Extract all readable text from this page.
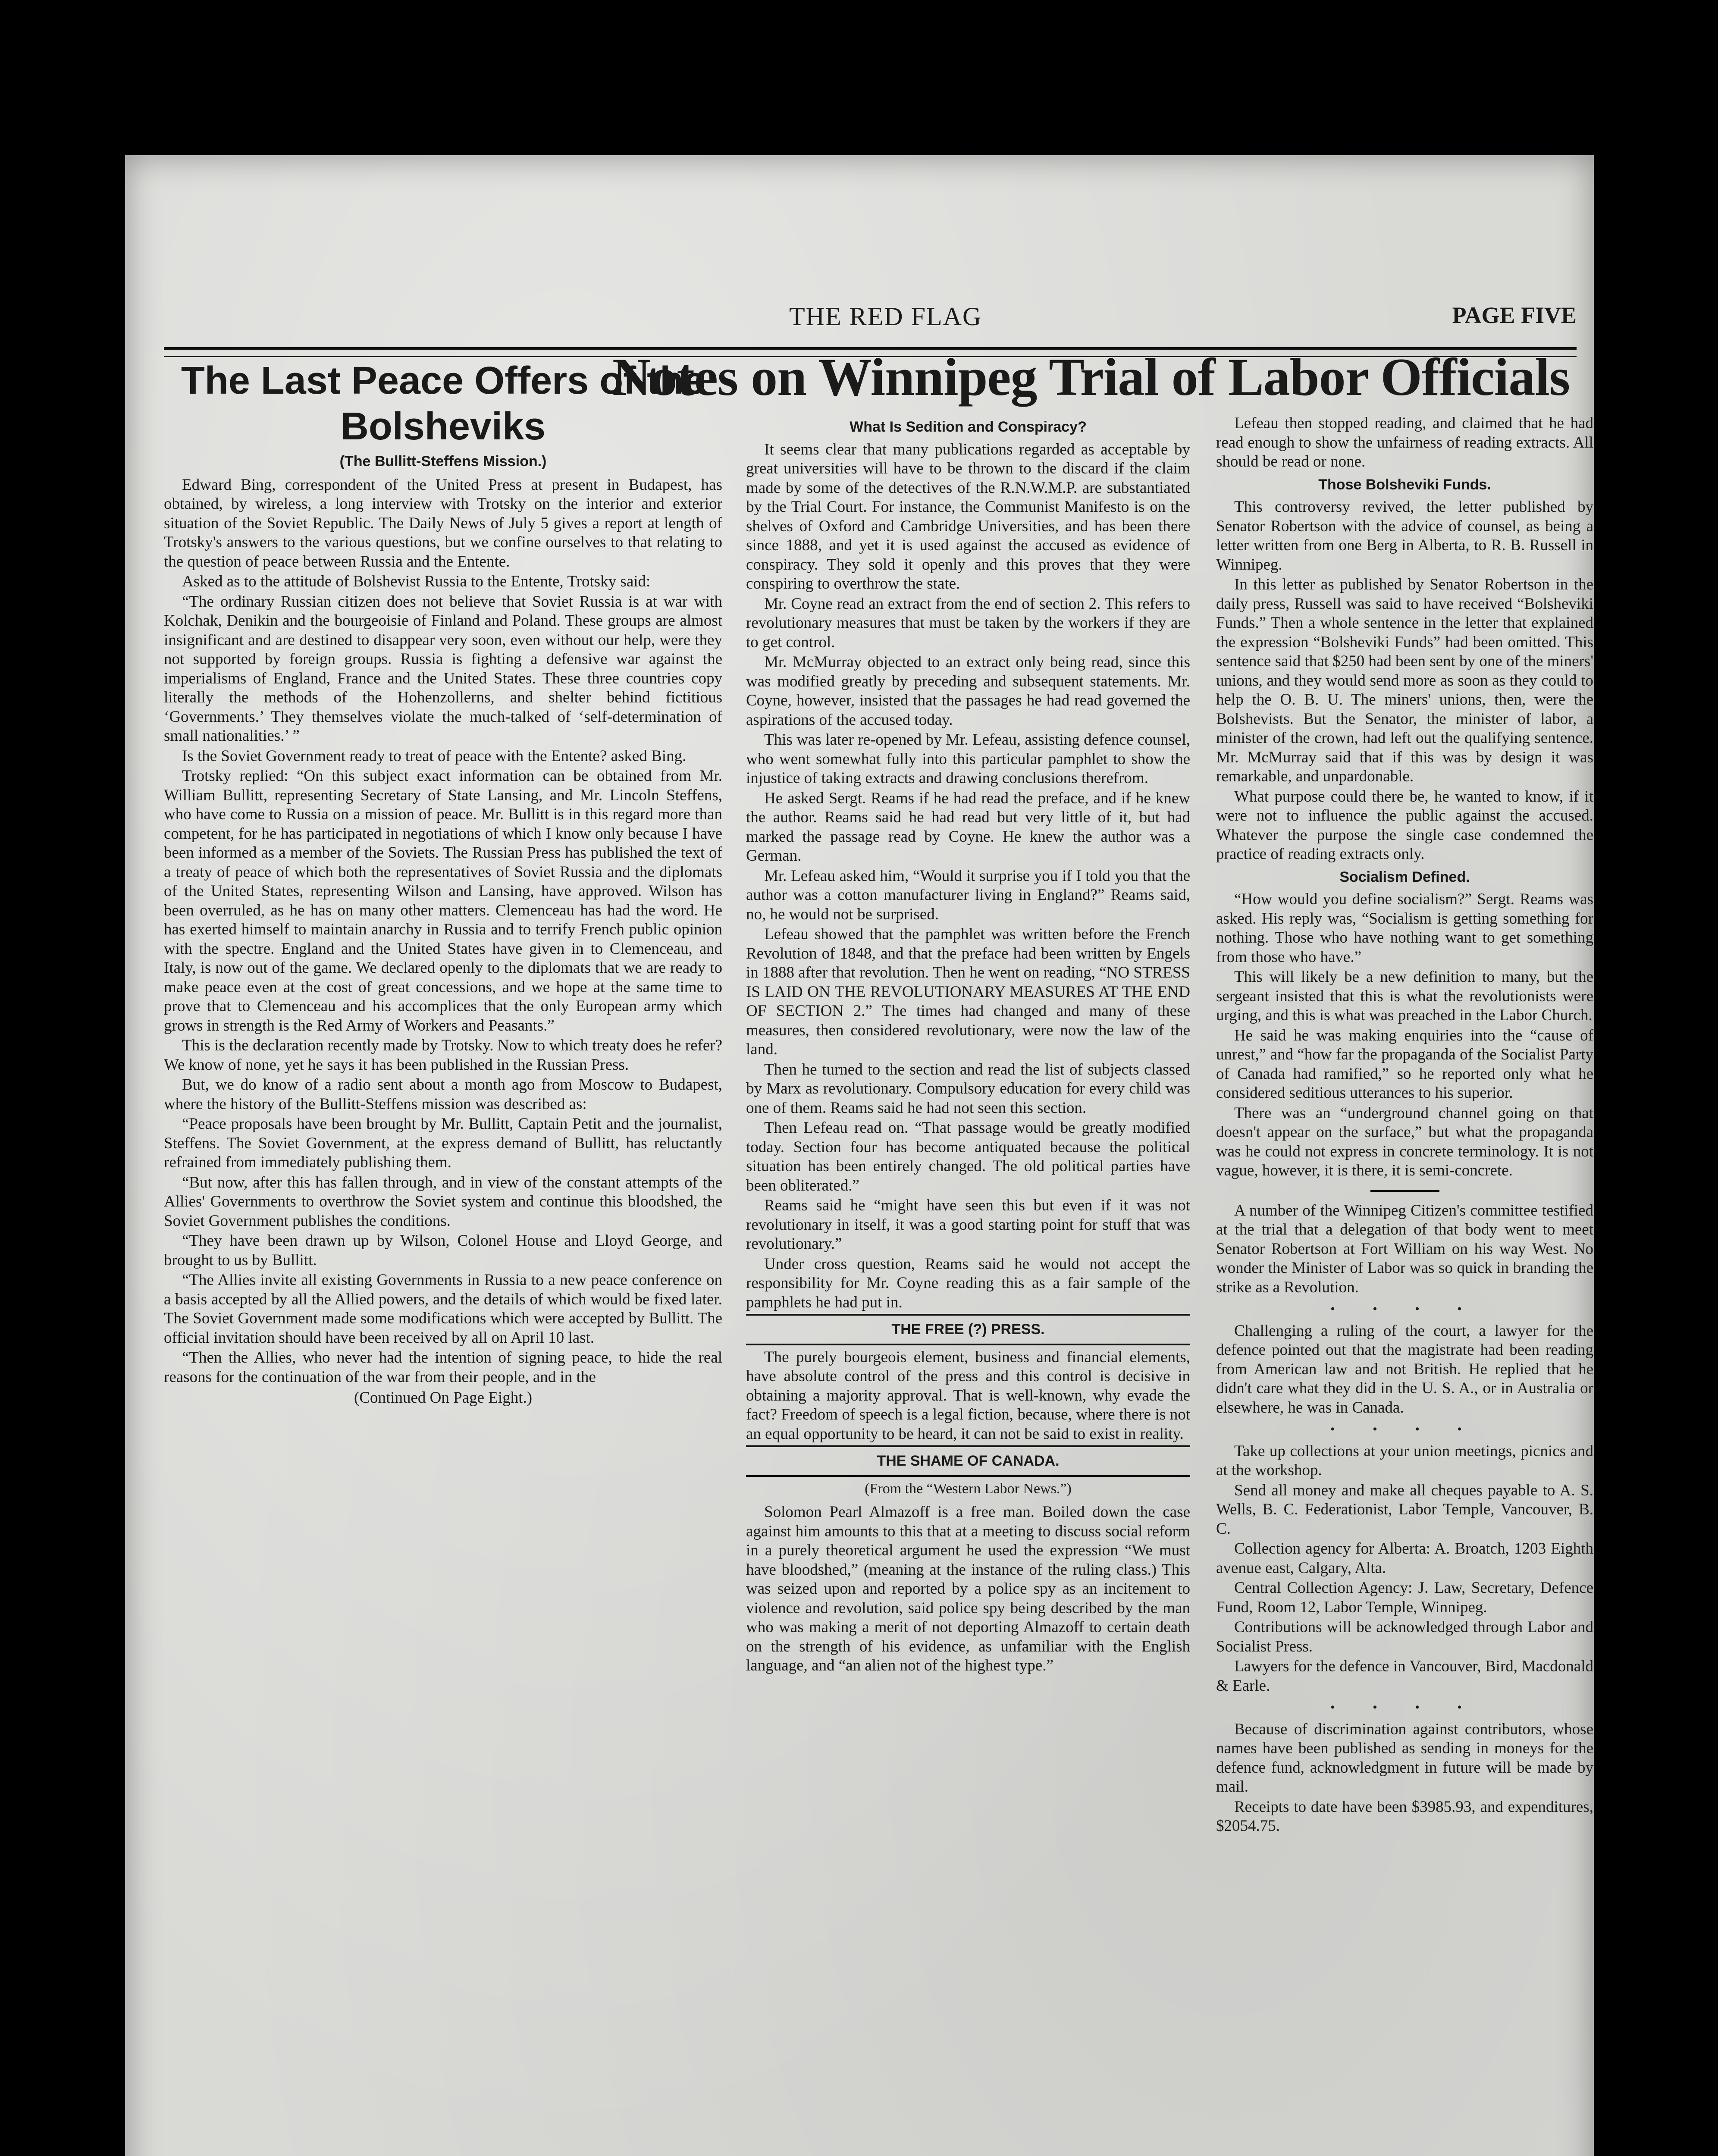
THE RED FLAG	PAGE FIVE
Notes on Winnipeg Trial of Labor Officials
The Last Peace Offers of the Bolsheviks
(The Bullitt-Steffens Mission.)

Edward Bing, correspondent of the United Press at present in Budapest, has obtained, by wireless, a long interview with Trotsky on the interior and exterior situation of the Soviet Republic. The Daily News of July 5 gives a report at length of Trotsky's answers to the various questions, but we confine ourselves to that relating to the question of peace between Russia and the Entente.

Asked as to the attitude of Bolshevist Russia to the Entente, Trotsky said:

“The ordinary Russian citizen does not believe that Soviet Russia is at war with Kolchak, Denikin and the bourgeoisie of Finland and Poland. These groups are almost insignificant and are destined to disappear very soon, even without our help, were they not supported by foreign groups. Russia is fighting a defensive war against the imperialisms of England, France and the United States. These three countries copy literally the methods of the Hohenzollerns, and shelter behind fictitious ‘Governments.’ They themselves violate the much-talked of ‘self-determination of small nationalities.’ ”

Is the Soviet Government ready to treat of peace with the Entente? asked Bing.

Trotsky replied: “On this subject exact information can be obtained from Mr. William Bullitt, representing Secretary of State Lansing, and Mr. Lincoln Steffens, who have come to Russia on a mission of peace. Mr. Bullitt is in this regard more than competent, for he has participated in negotiations of which I know only because I have been informed as a member of the Soviets. The Russian Press has published the text of a treaty of peace of which both the representatives of Soviet Russia and the diplomats of the United States, representing Wilson and Lansing, have approved. Wilson has been overruled, as he has on many other matters. Clemenceau has had the word. He has exerted himself to maintain anarchy in Russia and to terrify French public opinion with the spectre. England and the United States have given in to Clemenceau, and Italy, is now out of the game. We declared openly to the diplomats that we are ready to make peace even at the cost of great concessions, and we hope at the same time to prove that to Clemenceau and his accomplices that the only European army which grows in strength is the Red Army of Workers and Peasants.”

This is the declaration recently made by Trotsky. Now to which treaty does he refer? We know of none, yet he says it has been published in the Russian Press.

But, we do know of a radio sent about a month ago from Moscow to Budapest, where the history of the Bullitt-Steffens mission was described as:

“Peace proposals have been brought by Mr. Bullitt, Captain Petit and the journalist, Steffens. The Soviet Government, at the express demand of Bullitt, has reluctantly refrained from immediately publishing them.

“But now, after this has fallen through, and in view of the constant attempts of the Allies' Governments to overthrow the Soviet system and continue this bloodshed, the Soviet Government publishes the conditions.

“They have been drawn up by Wilson, Colonel House and Lloyd George, and brought to us by Bullitt.

“The Allies invite all existing Governments in Russia to a new peace conference on a basis accepted by all the Allied powers, and the details of which would be fixed later. The Soviet Government made some modifications which were accepted by Bullitt. The official invitation should have been received by all on April 10 last.

“Then the Allies, who never had the intention of signing peace, to hide the real reasons for the continuation of the war from their people, and in the

(Continued On Page Eight.)
What Is Sedition and Conspiracy?

It seems clear that many publications regarded as acceptable by great universities will have to be thrown to the discard if the claim made by some of the detectives of the R.N.W.M.P. are substantiated by the Trial Court. For instance, the Communist Manifesto is on the shelves of Oxford and Cambridge Universities, and has been there since 1888, and yet it is used against the accused as evidence of conspiracy. They sold it openly and this proves that they were conspiring to overthrow the state.

Mr. Coyne read an extract from the end of section 2. This refers to revolutionary measures that must be taken by the workers if they are to get control.

Mr. McMurray objected to an extract only being read, since this was modified greatly by preceding and subsequent statements. Mr. Coyne, however, insisted that the passages he had read governed the aspirations of the accused today.

This was later re-opened by Mr. Lefeau, assisting defence counsel, who went somewhat fully into this particular pamphlet to show the injustice of taking extracts and drawing conclusions therefrom.

He asked Sergt. Reams if he had read the preface, and if he knew the author. Reams said he had read but very little of it, but had marked the passage read by Coyne. He knew the author was a German.

Mr. Lefeau asked him, “Would it surprise you if I told you that the author was a cotton manufacturer living in England?” Reams said, no, he would not be surprised.

Lefeau showed that the pamphlet was written before the French Revolution of 1848, and that the preface had been written by Engels in 1888 after that revolution. Then he went on reading, “NO STRESS IS LAID ON THE REVOLUTIONARY MEASURES AT THE END OF SECTION 2.” The times had changed and many of these measures, then considered revolutionary, were now the law of the land.

Then he turned to the section and read the list of subjects classed by Marx as revolutionary. Compulsory education for every child was one of them. Reams said he had not seen this section.

Then Lefeau read on. “That passage would be greatly modified today. Section four has become antiquated because the political situation has been entirely changed. The old political parties have been obliterated.”

Reams said he “might have seen this but even if it was not revolutionary in itself, it was a good starting point for stuff that was revolutionary.”

Under cross question, Reams said he would not accept the responsibility for Mr. Coyne reading this as a fair sample of the pamphlets he had put in.

THE FREE (?) PRESS.

The purely bourgeois element, business and financial elements, have absolute control of the press and this control is decisive in obtaining a majority approval. That is well-known, why evade the fact? Freedom of speech is a legal fiction, because, where there is not an equal opportunity to be heard, it can not be said to exist in reality.

THE SHAME OF CANADA.
(From the “Western Labor News.”)

Solomon Pearl Almazoff is a free man. Boiled down the case against him amounts to this that at a meeting to discuss social reform in a purely theoretical argument he used the expression “We must have bloodshed,” (meaning at the instance of the ruling class.) This was seized upon and reported by a police spy as an incitement to violence and revolution, said police spy being described by the man who was making a merit of not deporting Almazoff to certain death on the strength of his evidence, as unfamiliar with the English language, and “an alien not of the highest type.”

Lefeau then stopped reading, and claimed that he had read enough to show the unfairness of reading extracts. All should be read or none.

Those Bolsheviki Funds.

This controversy revived, the letter published by Senator Robertson with the advice of counsel, as being a letter written from one Berg in Alberta, to R. B. Russell in Winnipeg.

In this letter as published by Senator Robertson in the daily press, Russell was said to have received “Bolsheviki Funds.” Then a whole sentence in the letter that explained the expression “Bolsheviki Funds” had been omitted. This sentence said that $250 had been sent by one of the miners' unions, and they would send more as soon as they could to help the O. B. U. The miners' unions, then, were the Bolshevists. But the Senator, the minister of labor, a minister of the crown, had left out the qualifying sentence. Mr. McMurray said that if this was by design it was remarkable, and unpardonable.

What purpose could there be, he wanted to know, if it were not to influence the public against the accused. Whatever the purpose the single case condemned the practice of reading extracts only.

Socialism Defined.

“How would you define socialism?” Sergt. Reams was asked. His reply was, “Socialism is getting something for nothing. Those who have nothing want to get something from those who have.”

This will likely be a new definition to many, but the sergeant insisted that this is what the revolutionists were urging, and this is what was preached in the Labor Church.

He said he was making enquiries into the “cause of unrest,” and “how far the propaganda of the Socialist Party of Canada had ramified,” so he reported only what he considered seditious utterances to his superior.

There was an “underground channel going on that doesn't appear on the surface,” but what the propaganda was he could not express in concrete terminology. It is not vague, however, it is there, it is semi-concrete.

A number of the Winnipeg Citizen's committee testified at the trial that a delegation of that body went to meet Senator Robertson at Fort William on his way West. No wonder the Minister of Labor was so quick in branding the strike as a Revolution.

• • • •

Challenging a ruling of the court, a lawyer for the defence pointed out that the magistrate had been reading from American law and not British. He replied that he didn't care what they did in the U. S. A., or in Australia or elsewhere, he was in Canada.

• • • •

Take up collections at your union meetings, picnics and at the workshop.

Send all money and make all cheques payable to A. S. Wells, B. C. Federationist, Labor Temple, Vancouver, B. C.

Collection agency for Alberta: A. Broatch, 1203 Eighth avenue east, Calgary, Alta.

Central Collection Agency: J. Law, Secretary, Defence Fund, Room 12, Labor Temple, Winnipeg.

Contributions will be acknowledged through Labor and Socialist Press.

Lawyers for the defence in Vancouver, Bird, Macdonald & Earle.

• • • •

Because of discrimination against contributors, whose names have been published as sending in moneys for the defence fund, acknowledgment in future will be made by mail.

Receipts to date have been $3985.93, and expenditures, $2054.75.
